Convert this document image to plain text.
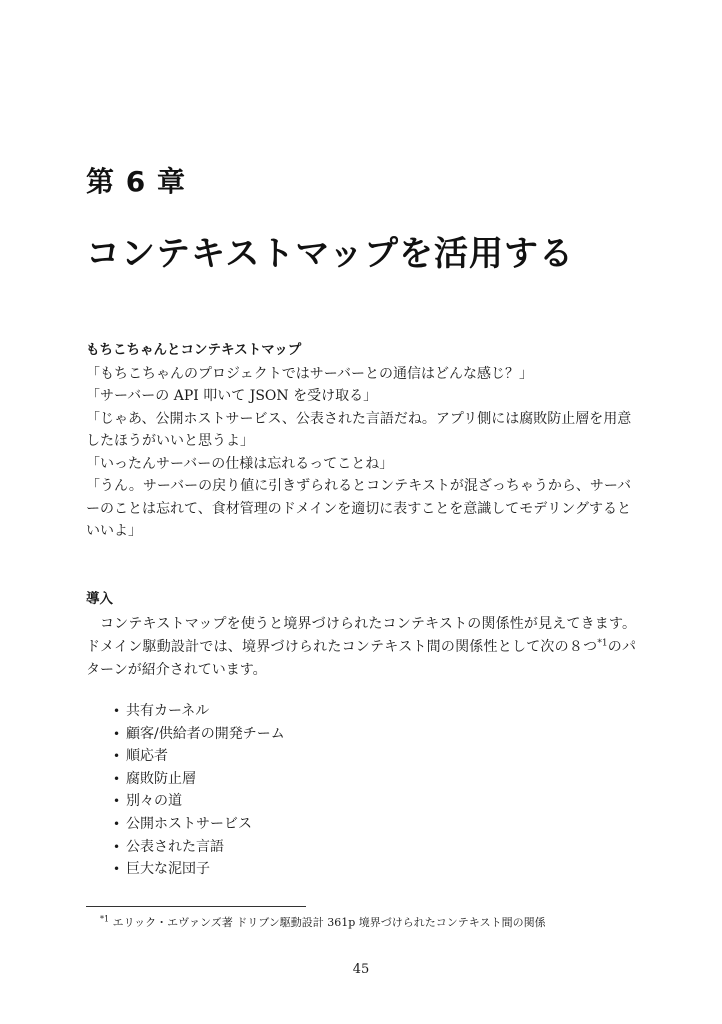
第 6 章
コンテキストマップを活用する
もちこちゃんとコンテキストマップ

「もちこちゃんのプロジェクトではサーバーとの通信はどんな感じ？」

「サーバーの API 叩いて JSON を受け取る」

「じゃあ、公開ホストサービス、公表された言語だね。アプリ側には腐敗防止層を用意したほうがいいと思うよ」

「いったんサーバーの仕様は忘れるってことね」

「うん。サーバーの戻り値に引きずられるとコンテキストが混ざっちゃうから、サーバーのことは忘れて、食材管理のドメインを適切に表すことを意識してモデリングするといいよ」

導入

コンテキストマップを使うと境界づけられたコンテキストの関係性が見えてきます。ドメイン駆動設計では、境界づけられたコンテキスト間の関係性として次の８つ$^{*1}$のパターンが紹介されています。

• 共有カーネル
• 顧客/供給者の開発チーム
• 順応者
• 腐敗防止層
• 別々の道
• 公開ホストサービス
• 公表された言語
• 巨大な泥団子
$^{*1}$ エリック・エヴァンズ著 ドリブン駆動設計 361p 境界づけられたコンテキスト間の関係
45
